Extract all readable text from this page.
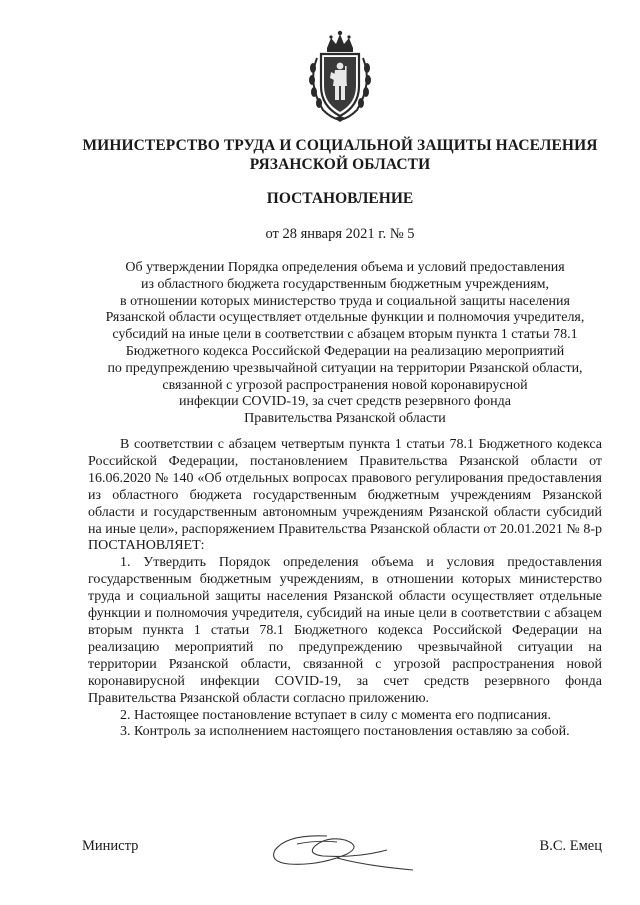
МИНИСТЕРСТВО ТРУДА И СОЦИАЛЬНОЙ ЗАЩИТЫ НАСЕЛЕНИЯ
РЯЗАНСКОЙ ОБЛАСТИ
ПОСТАНОВЛЕНИЕ
от 28 января 2021 г. № 5
Об утверждении Порядка определения объема и условий предоставления
из областного бюджета государственным бюджетным учреждениям,
в отношении которых министерство труда и социальной защиты населения
Рязанской области осуществляет отдельные функции и полномочия учредителя,
субсидий на иные цели в соответствии с абзацем вторым пункта 1 статьи 78.1
Бюджетного кодекса Российской Федерации на реализацию мероприятий
по предупреждению чрезвычайной ситуации на территории Рязанской области,
связанной с угрозой распространения новой коронавирусной
инфекции COVID-19, за счет средств резервного фонда
Правительства Рязанской области

В соответствии с абзацем четвертым пункта 1 статьи 78.1 Бюджетного кодекса Российской Федерации, постановлением Правительства Рязанской области от 16.06.2020 № 140 «Об отдельных вопросах правового регулирования предоставления из областного бюджета государственным бюджетным учреждениям Рязанской области и государственным автономным учреждениям Рязанской области субсидий на иные цели», распоряжением Правительства Рязанской области от 20.01.2021 № 8-р ПОСТАНОВЛЯЕТ:

1. Утвердить Порядок определения объема и условия предоставления государственным бюджетным учреждениям, в отношении которых министерство труда и социальной защиты населения Рязанской области осуществляет отдельные функции и полномочия учредителя, субсидий на иные цели в соответствии с абзацем вторым пункта 1 статьи 78.1 Бюджетного кодекса Российской Федерации на реализацию мероприятий по предупреждению чрезвычайной ситуации на территории Рязанской области, связанной с угрозой распространения новой коронавирусной инфекции COVID-19, за счет средств резервного фонда Правительства Рязанской области согласно приложению.

2. Настоящее постановление вступает в силу с момента его подписания.

3. Контроль за исполнением настоящего постановления оставляю за собой.

Министр	В.С. Емец
